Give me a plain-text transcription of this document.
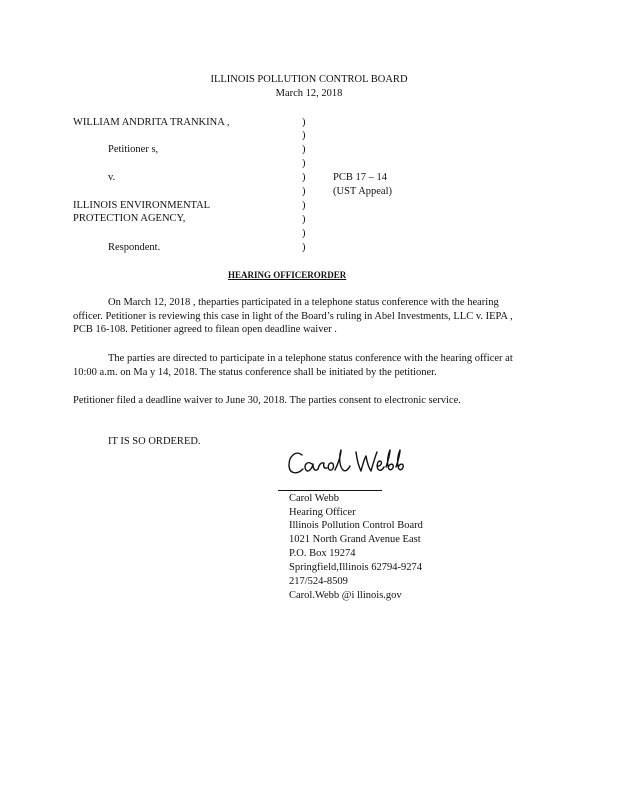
ILLINOIS POLLUTION CONTROL BOARD
March 12, 2018
WILLIAM ANDRITA TRANKINA ,
Petitioner s,
v.
ILLINOIS ENVIRONMENTAL
PROTECTION AGENCY,
Respondent.
)
)
)
)
)
)
)
)
)
)
PCB 17 – 14
(UST Appeal)
HEARING OFFICERORDER
On March 12, 2018 , theparties participated in a telephone status conference with the hearing officer. Petitioner is reviewing this case in light of the Board’s ruling in Abel Investments, LLC v. IEPA , PCB 16-108. Petitioner agreed to filean open deadline waiver .
The parties are directed to participate in a telephone status conference with the hearing officer at 10:00 a.m. on Ma y 14, 2018. The status conference shall be initiated by the petitioner.
Petitioner filed a deadline waiver to June 30, 2018. The parties consent to electronic service.
IT IS SO ORDERED.
Carol Webb
Hearing Officer
Illinois Pollution Control Board
1021 North Grand Avenue East
P.O. Box 19274
Springfield,Illinois 62794-9274
217/524-8509
Carol.Webb @i llinois.gov
